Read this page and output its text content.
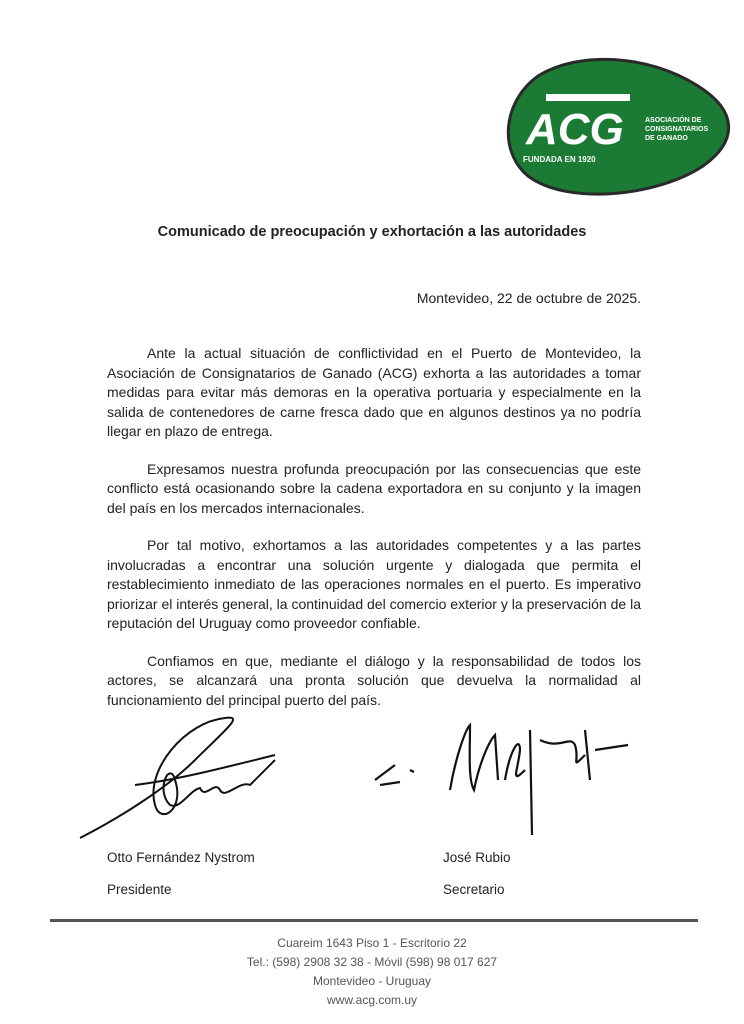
ACG	ASOCIACIÓN DE
CONSIGNATARIOS
DE GANADO
FUNDADA EN 1920
Comunicado de preocupación y exhortación a las autoridades
Montevideo, 22 de octubre de 2025.

Ante la actual situación de conflictividad en el Puerto de Montevideo, la Asociación de Consignatarios de Ganado (ACG) exhorta a las autoridades a tomar medidas para evitar más demoras en la operativa portuaria y especialmente en la salida de contenedores de carne fresca dado que en algunos destinos ya no podría llegar en plazo de entrega.

Expresamos nuestra profunda preocupación por las consecuencias que este conflicto está ocasionando sobre la cadena exportadora en su conjunto y la imagen del país en los mercados internacionales.

Por tal motivo, exhortamos a las autoridades competentes y a las partes involucradas a encontrar una solución urgente y dialogada que permita el restablecimiento inmediato de las operaciones normales en el puerto. Es imperativo priorizar el interés general, la continuidad del comercio exterior y la preservación de la reputación del Uruguay como proveedor confiable.

Confiamos en que, mediante el diálogo y la responsabilidad de todos los actores, se alcanzará una pronta solución que devuelva la normalidad al funcionamiento del principal puerto del país.

Otto Fernández Nystrom
Presidente
José Rubio
Secretario
Cuareim 1643 Piso 1 - Escritorio 22
Tel.: (598) 2908 32 38 - Móvil (598) 98 017 627
Montevideo - Uruguay
www.acg.com.uy
